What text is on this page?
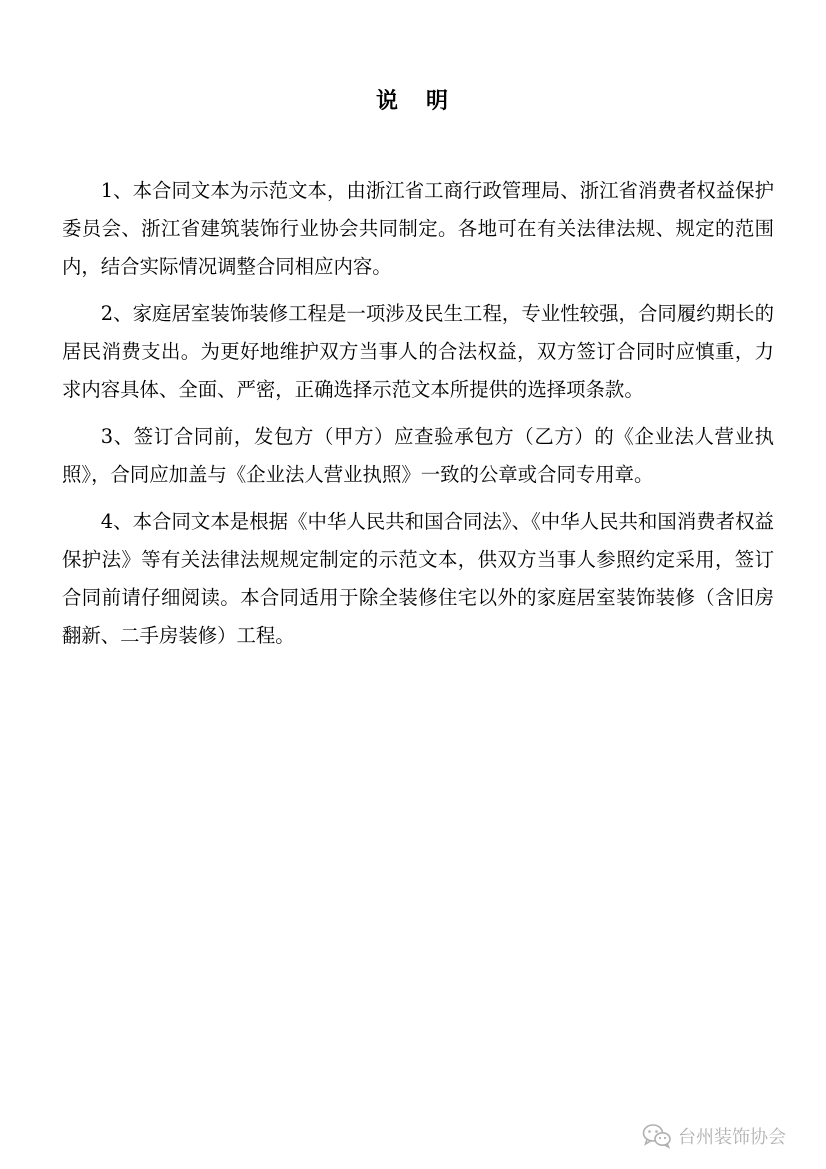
说 明

1、本合同文本为示范文本，由浙江省工商行政管理局、浙江省消费者权益保护委员会、浙江省建筑装饰行业协会共同制定。各地可在有关法律法规、规定的范围内，结合实际情况调整合同相应内容。

2、家庭居室装饰装修工程是一项涉及民生工程，专业性较强，合同履约期长的居民消费支出。为更好地维护双方当事人的合法权益，双方签订合同时应慎重，力求内容具体、全面、严密，正确选择示范文本所提供的选择项条款。

3、签订合同前，发包方（甲方）应查验承包方（乙方）的《企业法人营业执照》，合同应加盖与《企业法人营业执照》一致的公章或合同专用章。

4、本合同文本是根据《中华人民共和国合同法》、《中华人民共和国消费者权益保护法》等有关法律法规规定制定的示范文本，供双方当事人参照约定采用，签订合同前请仔细阅读。本合同适用于除全装修住宅以外的家庭居室装饰装修（含旧房翻新、二手房装修）工程。

台州装饰协会
